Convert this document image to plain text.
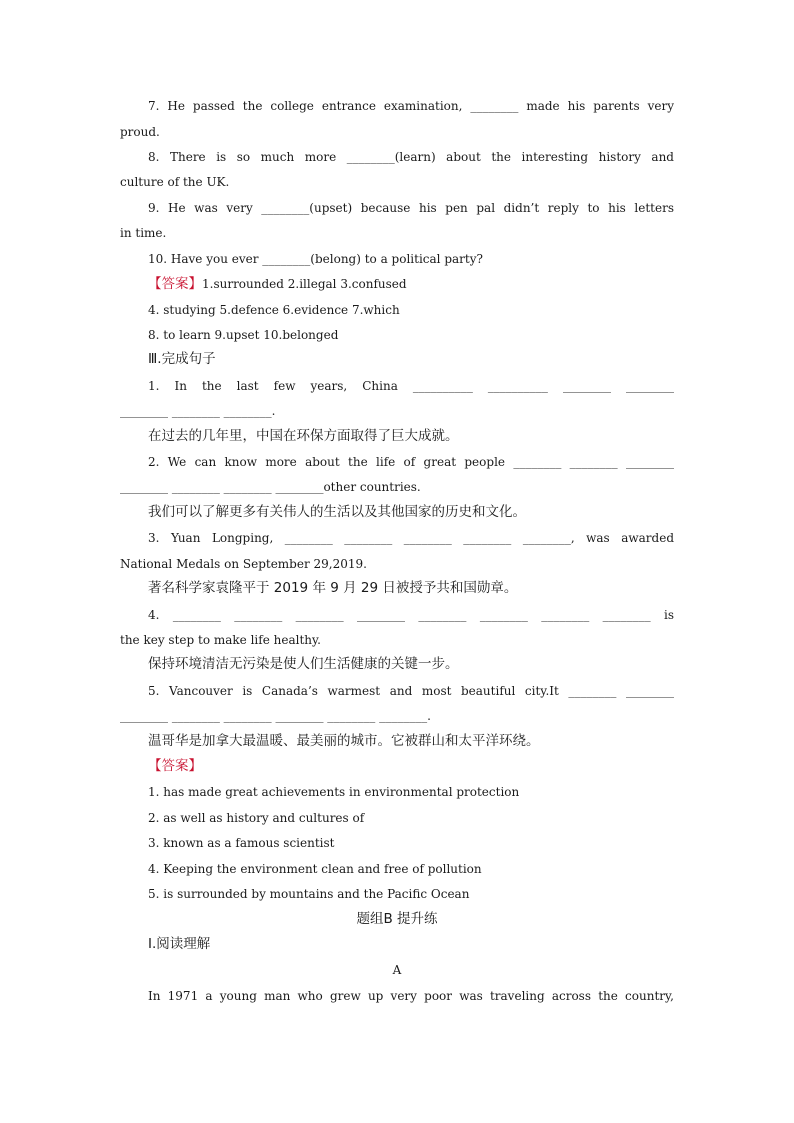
7. He passed the college entrance examination, ________ made his parents very
proud.
8. There is so much more ________(learn) about the interesting history and
culture of the UK.
9. He was very ________(upset) because his pen pal didn’t reply to his letters
in time.
10. Have you ever ________(belong) to a political party?
【答案】1.surrounded 2.illegal 3.confused
4. studying 5.defence 6.evidence 7.which
8. to learn 9.upset 10.belonged
Ⅲ.完成句子
1. In the last few years, China __________ __________ ________ ________
________ ________ ________.
在过去的几年里，中国在环保方面取得了巨大成就。
2. We can know more about the life of great people ________ ________ ________
________ ________ ________ ________other countries.
我们可以了解更多有关伟人的生活以及其他国家的历史和文化。
3. Yuan Longping, ________ ________ ________ ________ ________, was awarded
National Medals on September 29,2019.
著名科学家袁隆平于 2019 年 9 月 29 日被授予共和国勋章。
4. ________ ________ ________ ________ ________ ________ ________ ________ is
the key step to make life healthy.
保持环境清洁无污染是使人们生活健康的关键一步。
5. Vancouver is Canada’s warmest and most beautiful city.It ________ ________
________ ________ ________ ________ ________ ________.
温哥华是加拿大最温暖、最美丽的城市。它被群山和太平洋环绕。
【答案】
1. has made great achievements in environmental protection
2. as well as history and cultures of
3. known as a famous scientist
4. Keeping the environment clean and free of pollution
5. is surrounded by mountains and the Pacific Ocean
题组B 提升练
Ⅰ.阅读理解
A
In 1971 a young man who grew up very poor was traveling across the country,
